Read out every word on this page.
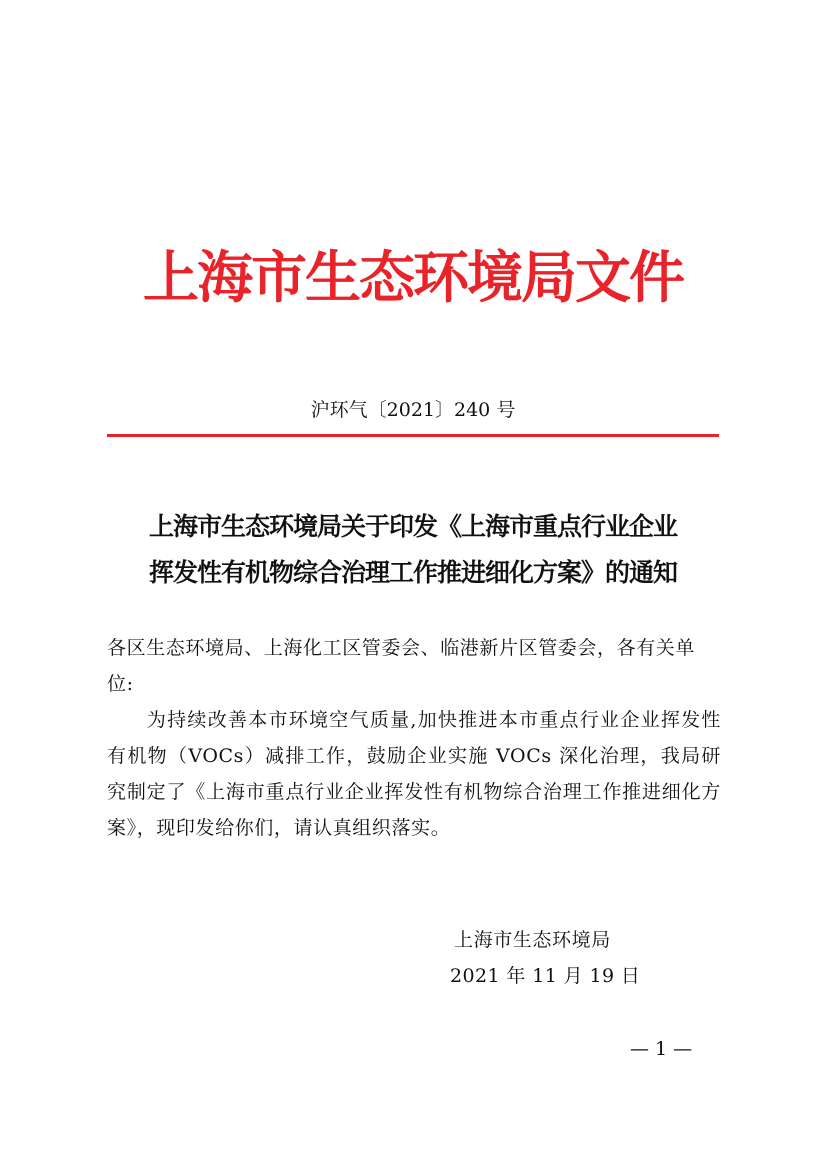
上海市生态环境局文件
沪环气〔2021〕240 号
上海市生态环境局关于印发《上海市重点行业企业
挥发性有机物综合治理工作推进细化方案》的通知

各区生态环境局、上海化工区管委会、临港新片区管委会，各有关单位:

为持续改善本市环境空气质量,加快推进本市重点行业企业挥发性有机物（VOCs）减排工作，鼓励企业实施 VOCs 深化治理，我局研究制定了《上海市重点行业企业挥发性有机物综合治理工作推进细化方案》，现印发给你们，请认真组织落实。

上海市生态环境局
2021 年 11 月 19 日
— 1 —
